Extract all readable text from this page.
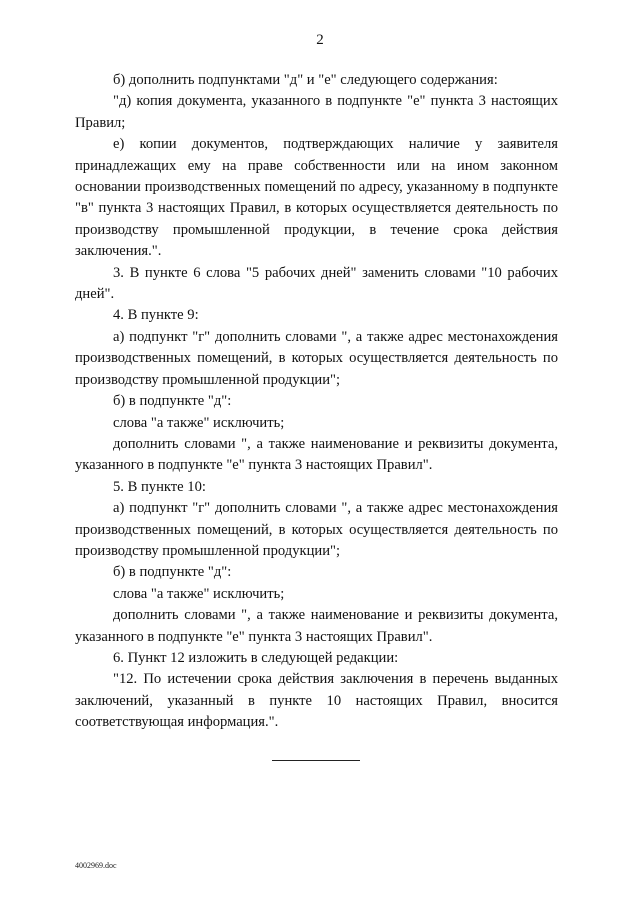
2

б) дополнить подпунктами "д" и "е" следующего содержания:

"д) копия документа, указанного в подпункте "е" пункта 3 настоящих Правил;

е) копии документов, подтверждающих наличие у заявителя принадлежащих ему на праве собственности или на ином законном основании производственных помещений по адресу, указанному в подпункте "в" пункта 3 настоящих Правил, в которых осуществляется деятельность по производству промышленной продукции, в течение срока действия заключения.".

3. В пункте 6 слова "5 рабочих дней" заменить словами "10 рабочих дней".

4. В пункте 9:

а) подпункт "г" дополнить словами ", а также адрес местонахождения производственных помещений, в которых осуществляется деятельность по производству промышленной продукции";

б) в подпункте "д":

слова "а также" исключить;

дополнить словами ", а также наименование и реквизиты документа, указанного в подпункте "е" пункта 3 настоящих Правил".

5. В пункте 10:

а) подпункт "г" дополнить словами ", а также адрес местонахождения производственных помещений, в которых осуществляется деятельность по производству промышленной продукции";

б) в подпункте "д":

слова "а также" исключить;

дополнить словами ", а также наименование и реквизиты документа, указанного в подпункте "е" пункта 3 настоящих Правил".

6. Пункт 12 изложить в следующей редакции:

"12. По истечении срока действия заключения в перечень выданных заключений, указанный в пункте 10 настоящих Правил, вносится соответствующая информация.".

4002969.doc
